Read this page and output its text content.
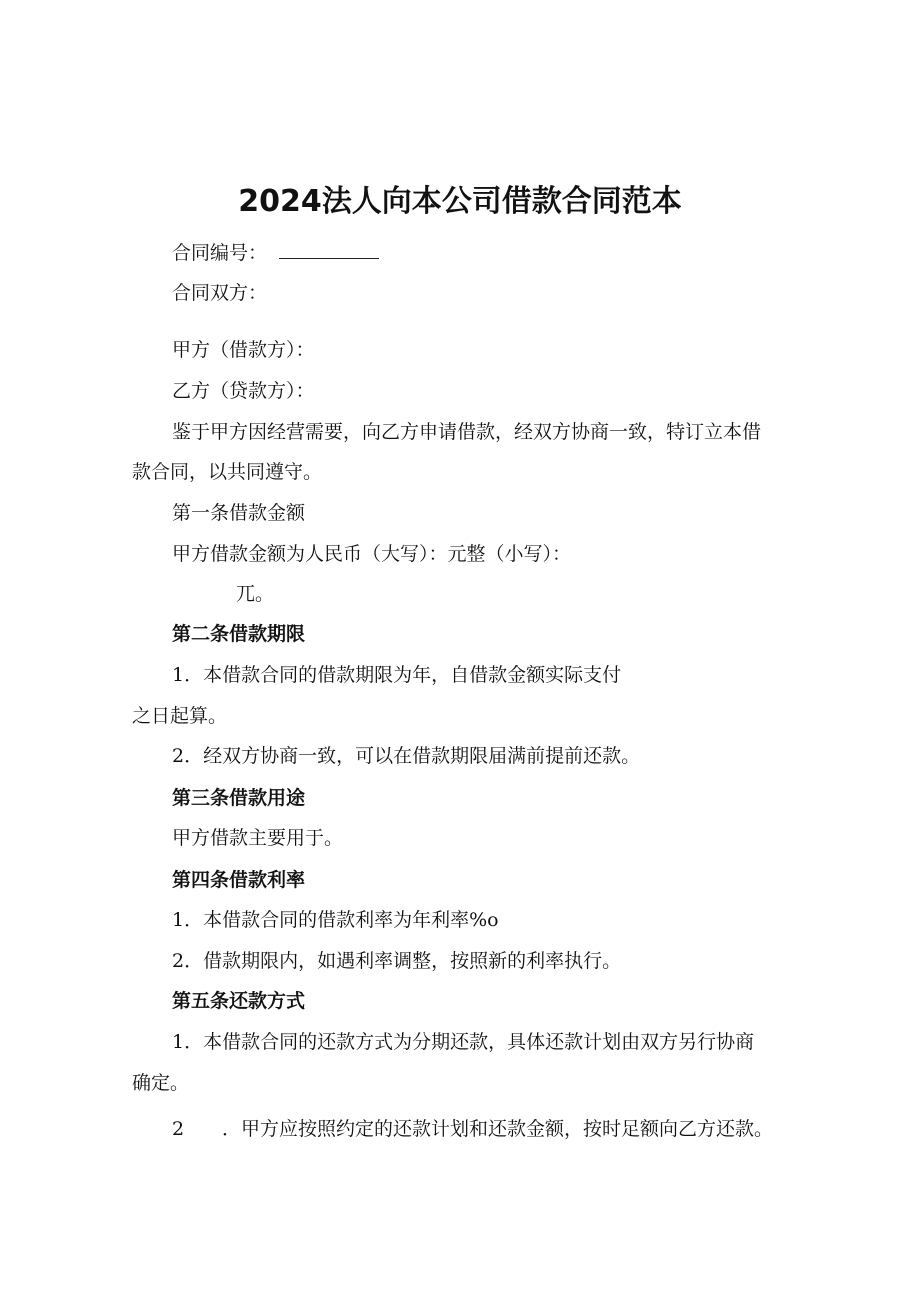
2024法人向本公司借款合同范本
合同编号：
合同双方：
甲方（借款方）：
乙方（贷款方）：
鉴于甲方因经营需要，向乙方申请借款，经双方协商一致，特订立本借
款合同，以共同遵守。
第一条借款金额
甲方借款金额为人民币（大写）：元整（小写）：
兀。
第二条借款期限
1．本借款合同的借款期限为年，自借款金额实际支付
之日起算。
2．经双方协商一致，可以在借款期限届满前提前还款。
第三条借款用途
甲方借款主要用于。
第四条借款利率
1．本借款合同的借款利率为年利率%o
2．借款期限内，如遇利率调整，按照新的利率执行。
第五条还款方式
1．本借款合同的还款方式为分期还款，具体还款计划由双方另行协商
确定。
2 ．甲方应按照约定的还款计划和还款金额，按时足额向乙方还款。
